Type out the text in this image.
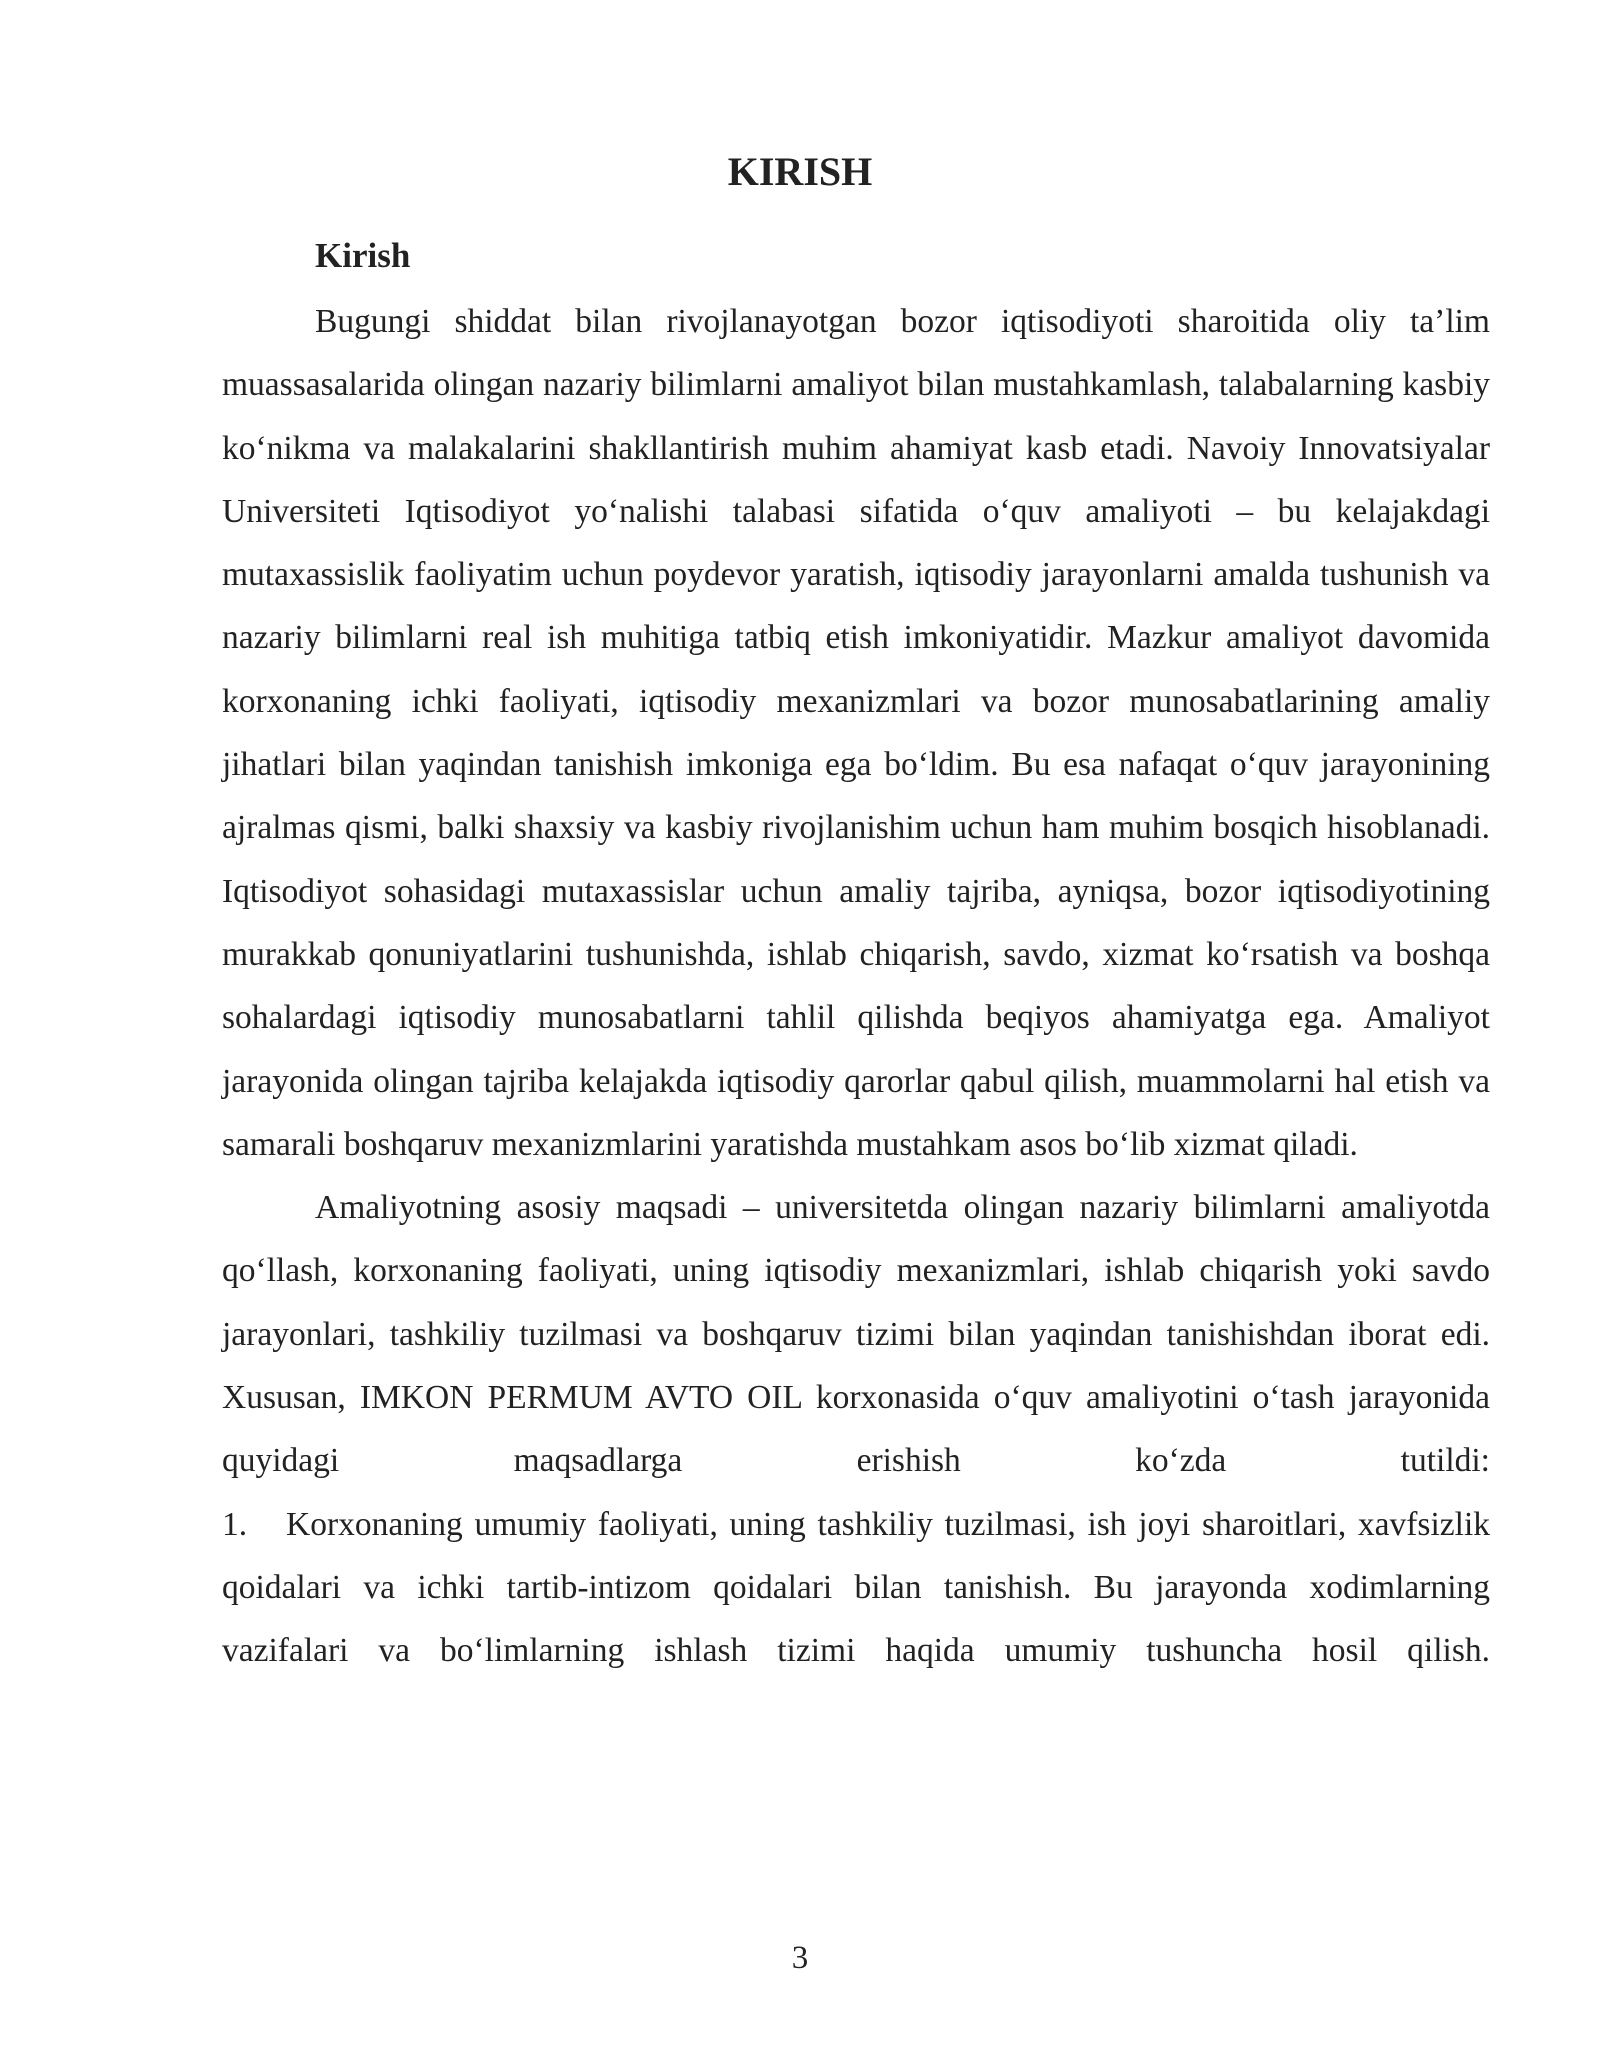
KIRISH
Kirish

Bugungi shiddat bilan rivojlanayotgan bozor iqtisodiyoti sharoitida oliy ta’lim muassasalarida olingan nazariy bilimlarni amaliyot bilan mustahkamlash, talabalarning kasbiy ko‘nikma va malakalarini shakllantirish muhim ahamiyat kasb etadi. Navoiy Innovatsiyalar Universiteti Iqtisodiyot yo‘nalishi talabasi sifatida o‘quv amaliyoti – bu kelajakdagi mutaxassislik faoliyatim uchun poydevor yaratish, iqtisodiy jarayonlarni amalda tushunish va nazariy bilimlarni real ish muhitiga tatbiq etish imkoniyatidir. Mazkur amaliyot davomida korxonaning ichki faoliyati, iqtisodiy mexanizmlari va bozor munosabatlarining amaliy jihatlari bilan yaqindan tanishish imkoniga ega bo‘ldim. Bu esa nafaqat o‘quv jarayonining ajralmas qismi, balki shaxsiy va kasbiy rivojlanishim uchun ham muhim bosqich hisoblanadi. Iqtisodiyot sohasidagi mutaxassislar uchun amaliy tajriba, ayniqsa, bozor iqtisodiyotining murakkab qonuniyatlarini tushunishda, ishlab chiqarish, savdo, xizmat ko‘rsatish va boshqa sohalardagi iqtisodiy munosabatlarni tahlil qilishda beqiyos ahamiyatga ega. Amaliyot jarayonida olingan tajriba kelajakda iqtisodiy qarorlar qabul qilish, muammolarni hal etish va samarali boshqaruv mexanizmlarini yaratishda mustahkam asos bo‘lib xizmat qiladi.

Amaliyotning asosiy maqsadi – universitetda olingan nazariy bilimlarni amaliyotda qo‘llash, korxonaning faoliyati, uning iqtisodiy mexanizmlari, ishlab chiqarish yoki savdo jarayonlari, tashkiliy tuzilmasi va boshqaruv tizimi bilan yaqindan tanishishdan iborat edi. Xususan, IMKON PERMUM AVTO OIL korxonasida o‘quv amaliyotini o‘tash jarayonida quyidagi maqsadlarga erishish ko‘zda tutildi:

1. Korxonaning umumiy faoliyati, uning tashkiliy tuzilmasi, ish joyi sharoitlari, xavfsizlik qoidalari va ichki tartib-intizom qoidalari bilan tanishish. Bu jarayonda xodimlarning vazifalari va bo‘limlarning ishlash tizimi haqida umumiy tushuncha hosil qilish.

3
